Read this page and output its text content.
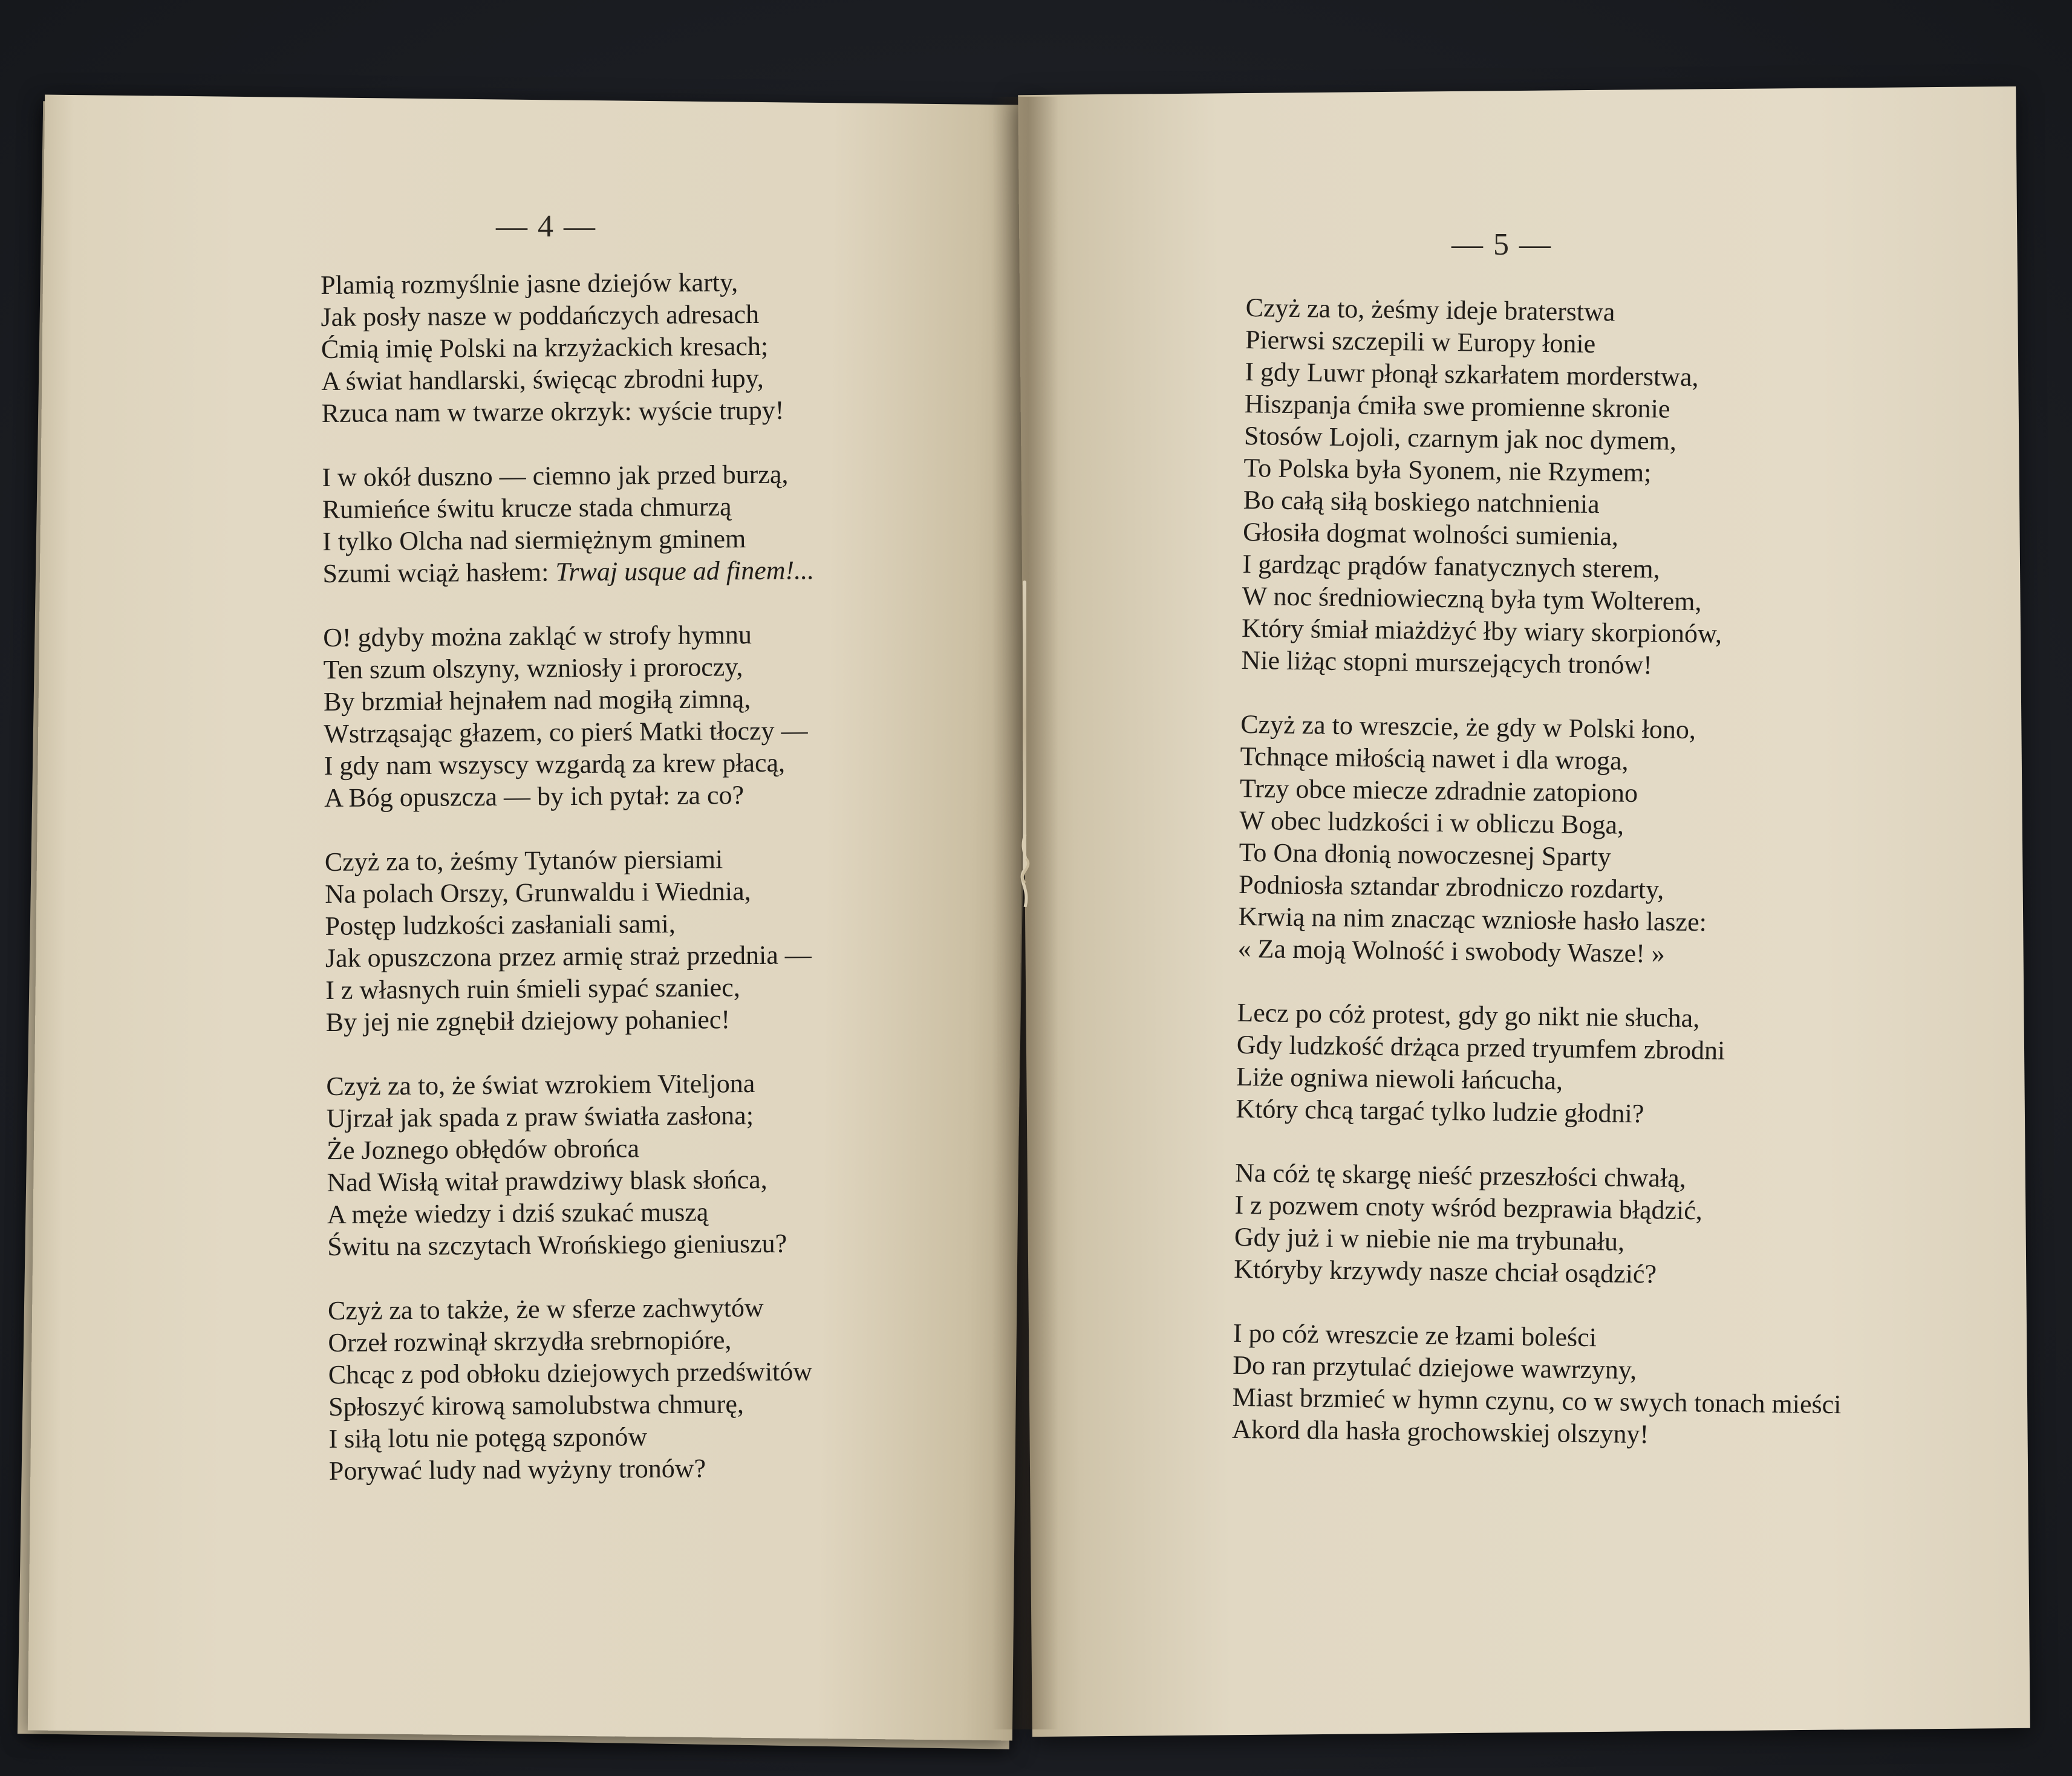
— 4 —
— 5 —
Plamią rozmyślnie jasne dziejów karty,
Jak posły nasze w poddańczych adresach
Ćmią imię Polski na krzyżackich kresach;
A świat handlarski, święcąc zbrodni łupy,
Rzuca nam w twarze okrzyk: wyście trupy!
I w okół duszno — ciemno jak przed burzą,
Rumieńce świtu krucze stada chmurzą
I tylko Olcha nad siermiężnym gminem
Szumi wciąż hasłem: Trwaj usque ad finem!...
O! gdyby można zakląć w strofy hymnu
Ten szum olszyny, wzniosły i proroczy,
By brzmiał hejnałem nad mogiłą zimną,
Wstrząsając głazem, co pierś Matki tłoczy —
I gdy nam wszyscy wzgardą za krew płacą,
A Bóg opuszcza — by ich pytał: za co?
Czyż za to, żeśmy Tytanów piersiami
Na polach Orszy, Grunwaldu i Wiednia,
Postęp ludzkości zasłaniali sami,
Jak opuszczona przez armię straż przednia —
I z własnych ruin śmieli sypać szaniec,
By jej nie zgnębił dziejowy pohaniec!
Czyż za to, że świat wzrokiem Viteljona
Ujrzał jak spada z praw światła zasłona;
Że Joznego obłędów obrońca
Nad Wisłą witał prawdziwy blask słońca,
A męże wiedzy i dziś szukać muszą
Świtu na szczytach Wrońskiego gieniuszu?
Czyż za to także, że w sferze zachwytów
Orzeł rozwinął skrzydła srebrnopióre,
Chcąc z pod obłoku dziejowych przedświtów
Spłoszyć kirową samolubstwa chmurę,
I siłą lotu nie potęgą szponów
Porywać ludy nad wyżyny tronów?
Czyż za to, żeśmy ideje braterstwa
Pierwsi szczepili w Europy łonie
I gdy Luwr płonął szkarłatem morderstwa,
Hiszpanja ćmiła swe promienne skronie
Stosów Lojoli, czarnym jak noc dymem,
To Polska była Syonem, nie Rzymem;
Bo całą siłą boskiego natchnienia
Głosiła dogmat wolności sumienia,
I gardząc prądów fanatycznych sterem,
W noc średniowieczną była tym Wolterem,
Który śmiał miażdżyć łby wiary skorpionów,
Nie liżąc stopni murszejących tronów!
Czyż za to wreszcie, że gdy w Polski łono,
Tchnące miłością nawet i dla wroga,
Trzy obce miecze zdradnie zatopiono
W obec ludzkości i w obliczu Boga,
To Ona dłonią nowoczesnej Sparty
Podniosła sztandar zbrodniczo rozdarty,
Krwią na nim znacząc wzniosłe hasło lasze:
« Za moją Wolność i swobody Wasze! »
Lecz po cóż protest, gdy go nikt nie słucha,
Gdy ludzkość drżąca przed tryumfem zbrodni
Liże ogniwa niewoli łańcucha,
Który chcą targać tylko ludzie głodni?
Na cóż tę skargę nieść przeszłości chwałą,
I z pozwem cnoty wśród bezprawia błądzić,
Gdy już i w niebie nie ma trybunału,
Któryby krzywdy nasze chciał osądzić?
I po cóż wreszcie ze łzami boleści
Do ran przytulać dziejowe wawrzyny,
Miast brzmieć w hymn czynu, co w swych tonach mieści
Akord dla hasła grochowskiej olszyny!
